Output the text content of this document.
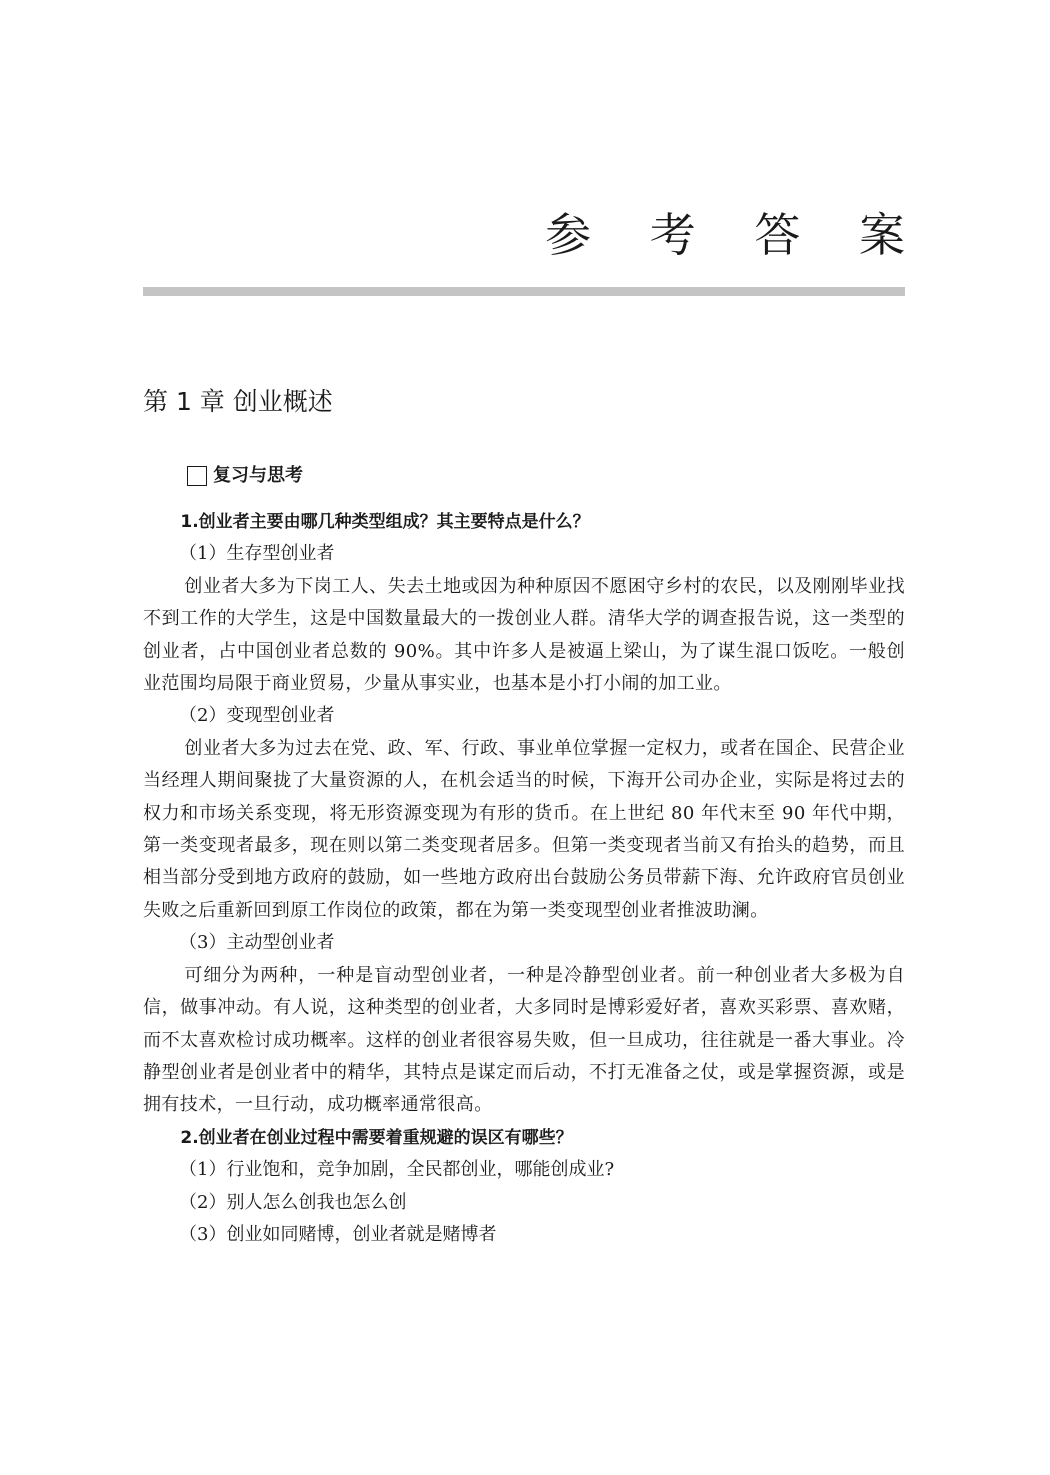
参 考 答 案
第 1 章 创业概述
复习与思考

1.创业者主要由哪几种类型组成？其主要特点是什么？

（1）生存型创业者

创业者大多为下岗工人、失去土地或因为种种原因不愿困守乡村的农民，以及刚刚毕业找不到工作的大学生，这是中国数量最大的一拨创业人群。清华大学的调查报告说，这一类型的创业者，占中国创业者总数的 90%。其中许多人是被逼上梁山，为了谋生混口饭吃。一般创业范围均局限于商业贸易，少量从事实业，也基本是小打小闹的加工业。

（2）变现型创业者

创业者大多为过去在党、政、军、行政、事业单位掌握一定权力，或者在国企、民营企业当经理人期间聚拢了大量资源的人，在机会适当的时候，下海开公司办企业，实际是将过去的权力和市场关系变现，将无形资源变现为有形的货币。在上世纪 80 年代末至 90 年代中期，第一类变现者最多，现在则以第二类变现者居多。但第一类变现者当前又有抬头的趋势，而且相当部分受到地方政府的鼓励，如一些地方政府出台鼓励公务员带薪下海、允许政府官员创业失败之后重新回到原工作岗位的政策，都在为第一类变现型创业者推波助澜。

（3）主动型创业者

可细分为两种，一种是盲动型创业者，一种是冷静型创业者。前一种创业者大多极为自信，做事冲动。有人说，这种类型的创业者，大多同时是博彩爱好者，喜欢买彩票、喜欢赌，而不太喜欢检讨成功概率。这样的创业者很容易失败，但一旦成功，往往就是一番大事业。冷静型创业者是创业者中的精华，其特点是谋定而后动，不打无准备之仗，或是掌握资源，或是拥有技术，一旦行动，成功概率通常很高。

2.创业者在创业过程中需要着重规避的误区有哪些？

（1）行业饱和，竞争加剧，全民都创业，哪能创成业?

（2）别人怎么创我也怎么创

（3）创业如同赌博，创业者就是赌博者
